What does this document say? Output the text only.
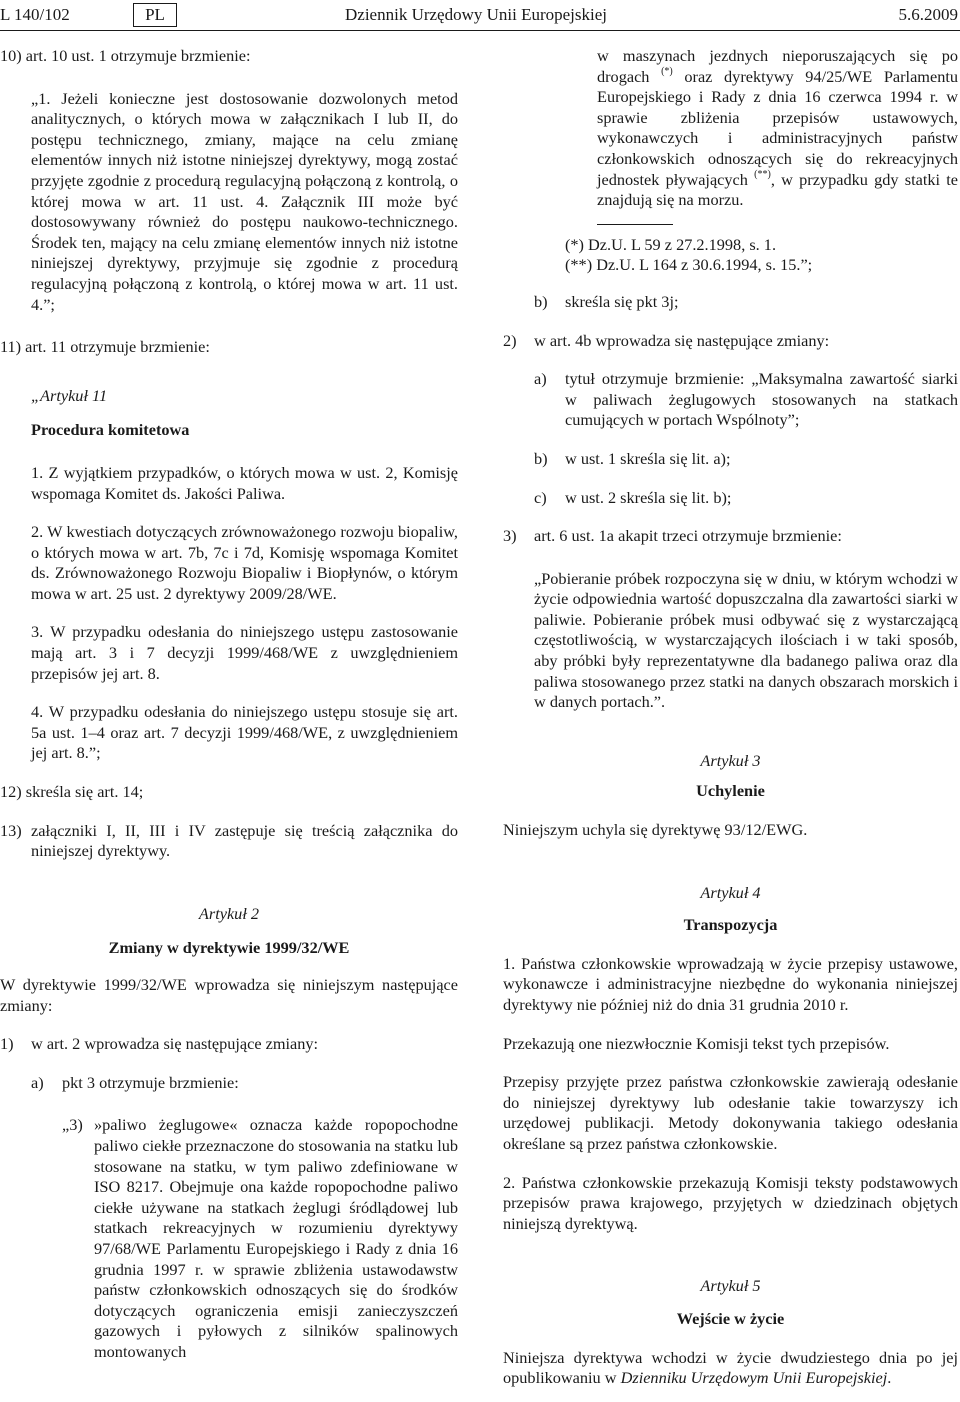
L 140/102	PL	Dziennik Urzędowy Unii Europejskiej	5.6.2009

10) art. 10 ust. 1 otrzymuje brzmienie:

„1. Jeżeli konieczne jest dostosowanie dozwolonych metod analitycznych, o których mowa w załącznikach I lub II, do postępu technicznego, zmiany, mające na celu zmianę elementów innych niż istotne niniejszej dyrektywy, mogą zostać przyjęte zgodnie z procedurą regulacyjną połączoną z kontrolą, o której mowa w art. 11 ust. 4. Załącznik III może być dostosowywany również do postępu naukowo-technicznego. Środek ten, mający na celu zmianę elementów innych niż istotne niniejszej dyrektywy, przyjmuje się zgodnie z procedurą regulacyjną połączoną z kontrolą, o której mowa w art. 11 ust. 4.”;

11) art. 11 otrzymuje brzmienie:

„Artykuł 11

Procedura komitetowa

1. Z wyjątkiem przypadków, o których mowa w ust. 2, Komisję wspomaga Komitet ds. Jakości Paliwa.

2. W kwestiach dotyczących zrównoważonego rozwoju biopaliw, o których mowa w art. 7b, 7c i 7d, Komisję wspomaga Komitet ds. Zrównoważonego Rozwoju Biopaliw i Biopłynów, o którym mowa w art. 25 ust. 2 dyrektywy 2009/28/WE.

3. W przypadku odesłania do niniejszego ustępu zastosowanie mają art. 3 i 7 decyzji 1999/468/WE z uwzględnieniem przepisów jej art. 8.

4. W przypadku odesłania do niniejszego ustępu stosuje się art. 5a ust. 1–4 oraz art. 7 decyzji 1999/468/WE, z uwzględnieniem jej art. 8.”;

12) skreśla się art. 14;

13) załączniki I, II, III i IV zastępuje się treścią załącznika do niniejszej dyrektywy.

Artykuł 2

Zmiany w dyrektywie 1999/32/WE

W dyrektywie 1999/32/WE wprowadza się niniejszym następujące zmiany:

1)	w art. 2 wprowadza się następujące zmiany:
a)	pkt 3 otrzymuje brzmienie:
„3) »paliwo żeglugowe« oznacza każde ropopochodne paliwo ciekłe przeznaczone do stosowania na statku lub stosowane na statku, w tym paliwo zdefiniowane w ISO 8217. Obejmuje ona każde ropopochodne paliwo ciekłe używane na statkach żeglugi śródlądowej lub statkach rekreacyjnych w rozumieniu dyrektywy 97/68/WE Parlamentu Europejskiego i Rady z dnia 16 grudnia 1997 r. w sprawie zbliżenia ustawodawstw państw członkowskich odnoszących się do środków dotyczących ograniczenia emisji zanieczyszczeń gazowych i pyłowych z silników spalinowych montowanych

w maszynach jezdnych nieporuszających się po drogach (*) oraz dyrektywy 94/25/WE Parlamentu Europejskiego i Rady z dnia 16 czerwca 1994 r. w sprawie zbliżenia przepisów ustawowych, wykonawczych i administracyjnych państw członkowskich odnoszących się do rekreacyjnych jednostek pływających (**), w przypadku gdy statki te znajdują się na morzu.

(*) Dz.U. L 59 z 27.2.1998, s. 1.

(**) Dz.U. L 164 z 30.6.1994, s. 15.”;

b)	skreśla się pkt 3j;
2)	w art. 4b wprowadza się następujące zmiany:
a)	tytuł otrzymuje brzmienie: „Maksymalna zawartość siarki w paliwach żeglugowych stosowanych na statkach cumujących w portach Wspólnoty”;
b)	w ust. 1 skreśla się lit. a);
c)	w ust. 2 skreśla się lit. b);
3)	art. 6 ust. 1a akapit trzeci otrzymuje brzmienie:

„Pobieranie próbek rozpoczyna się w dniu, w którym wchodzi w życie odpowiednia wartość dopuszczalna dla zawartości siarki w paliwie. Pobieranie próbek musi odbywać się z wystarczającą częstotliwością, w wystarczających ilościach i w taki sposób, aby próbki były reprezentatywne dla badanego paliwa oraz dla paliwa stosowanego przez statki na danych obszarach morskich i w danych portach.”.

Artykuł 3

Uchylenie

Niniejszym uchyla się dyrektywę 93/12/EWG.

Artykuł 4

Transpozycja

1. Państwa członkowskie wprowadzają w życie przepisy ustawowe, wykonawcze i administracyjne niezbędne do wykonania niniejszej dyrektywy nie później niż do dnia 31 grudnia 2010 r.

Przekazują one niezwłocznie Komisji tekst tych przepisów.

Przepisy przyjęte przez państwa członkowskie zawierają odesłanie do niniejszej dyrektywy lub odesłanie takie towarzyszy ich urzędowej publikacji. Metody dokonywania takiego odesłania określane są przez państwa członkowskie.

2. Państwa członkowskie przekazują Komisji teksty podstawowych przepisów prawa krajowego, przyjętych w dziedzinach objętych niniejszą dyrektywą.

Artykuł 5

Wejście w życie

Niniejsza dyrektywa wchodzi w życie dwudziestego dnia po jej opublikowaniu w Dzienniku Urzędowym Unii Europejskiej.
